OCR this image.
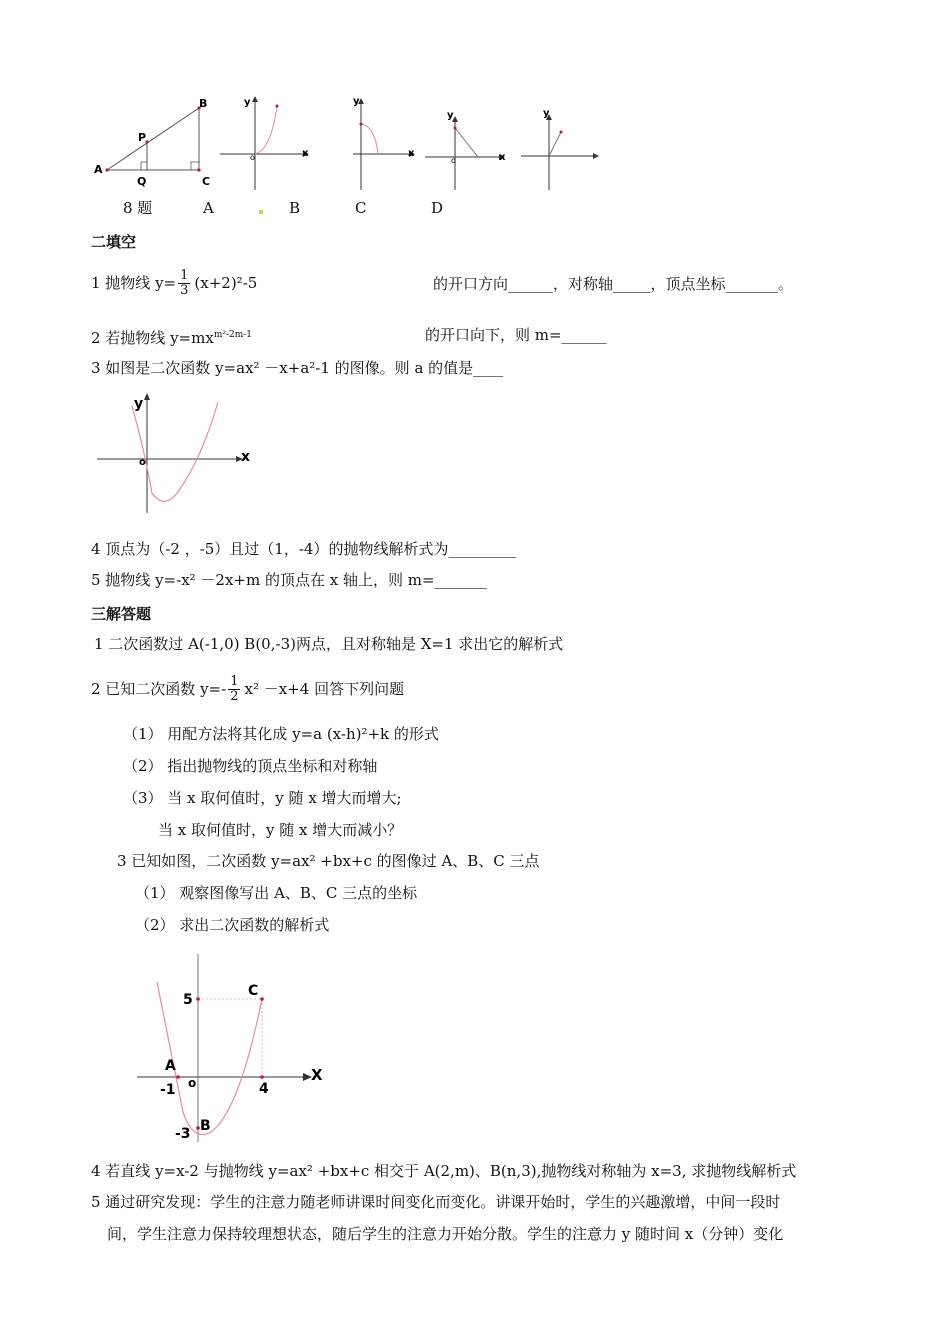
B
P
A
Q	C
y
x
o
y
x
y
x
o
y
8 题	A	B	C	D
二填空
1 抛物线 $y= \frac{1}{3} (x+2)^2-5$	的开口方向______，对称轴_____，顶点坐标_______。
2 若抛物线 $y=mx^{m^2-2m-1}$	的开口向下，则 m=______
3 如图是二次函数 y=ax² －x+a²-1 的图像。则 a 的值是____
y
x
o
4 顶点为（-2 ，-5）且过（1，-4）的抛物线解析式为_________
5 抛物线 y=-x² －2x+m 的顶点在 x 轴上，则 m=_______
三解答题
1 二次函数过 A(-1,0) B(0,-3)两点，且对称轴是 X=1 求出它的解析式
2 已知二次函数 $y=- \frac{1}{2} x^2 -x+4$ 回答下列问题
（1） 用配方法将其化成 y=a (x-h)²+k 的形式
（2） 指出抛物线的顶点坐标和对称轴
（3） 当 x 取何值时，y 随 x 增大而增大;
当 x 取何值时，y 随 x 增大而减小？
3 已知如图，二次函数 y=ax² +bx+c 的图像过 A、B、C 三点
（1） 观察图像写出 A、B、C 三点的坐标
（2） 求出二次函数的解析式
5
C
A	X
-1 o	4
-3 B
4 若直线 y=x-2 与抛物线 y=ax² +bx+c 相交于 A(2,m)、B(n,3),抛物线对称轴为 x=3, 求抛物线解析式
5 通过研究发现：学生的注意力随老师讲课时间变化而变化。讲课开始时，学生的兴趣激增，中间一段时
间，学生注意力保持较理想状态，随后学生的注意力开始分散。学生的注意力 y 随时间 x（分钟）变化
